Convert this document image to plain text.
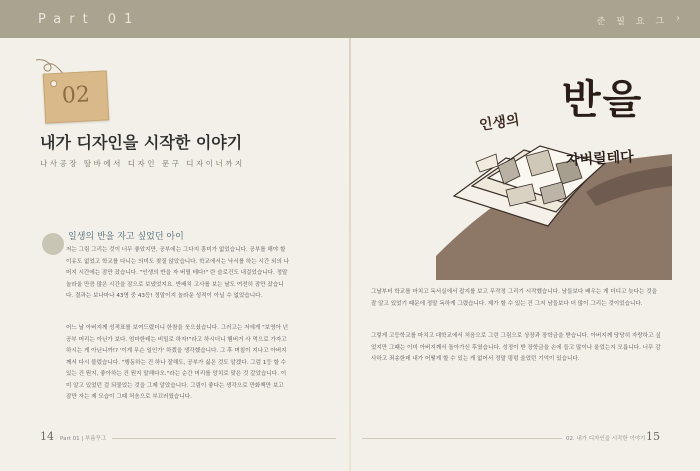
Part 01	준 필 요 그 ›
02
내가 디자인을 시작한 이야기
나사공장 딸바에서 디자인 문구 디자이너까지
일생의 반을 자고 싶었던 아이

저는 그림 그리는 것이 너무 좋았지만, 공부에는 그다지 흥미가 없었습니다. 공부를 해야 할 이유도 없었고 학교를 다니는 의미도 찾질 않았습니다. 학교에서는 낙서를 하는 시간 외의 나머지 시간에는 잠만 잤습니다. "인생의 반을 자 버릴 테다!" 란 슬로건도 내걸었습니다. 정말 놀라울 만큼 많은 시간을 잠으로 보냈었지요. 반배치 고사를 보는 날도 여전히 잠만 잤습니다. 결과는 보나마나 43명 중 43등! 정말이지 놀라운 성적이 아닐 수 없었습니다.

어느 날 아버지께 성적표를 보여드렸더니 한참을 웃으셨습니다. 그러고는 저에게 "보영아 넌 공부 머리는 아닌가 보다. 엄마한테는 비밀로 하자!"라고 하시더니 햄버거 사 먹으로 가자고 하시는 게 아닌니까!? '이게 무슨 일인가' 하겠을 생각했습니다. 그 후 며칠이 지나고 아버지께서 다시 불렀습니다. "행동하는 건 하나 잘해도, 공부가 싫은 것도 알겠다. 그럼 1등 할 수 있는 건 뭔지, 좋아하는 건 뭔지 말해다오."라는 순간 머리를 망치로 맞은 것 같았습니다. 이미 알고 있었던 걸 되물었는 것을 그제 알았습니다. 그림이 좋다는 생각으로 만화책만 보고 잠만 자는 제 모습이 그때 처음으로 부끄러웠습니다.

인생의 반을
자버릴테다

그날부터 학교를 마치고 독서실에서 잡지를 보고 무작정 그리기 시작했습니다. 남들보다 배우는 게 더디고 늦다는 것을 잘 알고 있었기 때문에 정말 독하게 그렸습니다. 제가 할 수 있는 건 그저 남들보다 더 많이 그리는 것이었습니다.

그렇게 고등학교를 마치고 대학교에서 처음으로 그린 그림으로 상장과 장학금을 받습니다. 아버지께 당당히 자랑하고 싶었지만 그때는 이미 아버지께서 돌아가신 후였습니다. 성정이 받 장학금을 손에 들고 많이나 울었는지 모릅니다. 너무 감사하고 죄송한데 내가 어떻게 할 수 있는 게 없어서 정말 펑펑 울었던 기억이 있습니다.

14 Part 01 | 부름꾸그	02. 내가 디자인을 시작한 이야기 15
